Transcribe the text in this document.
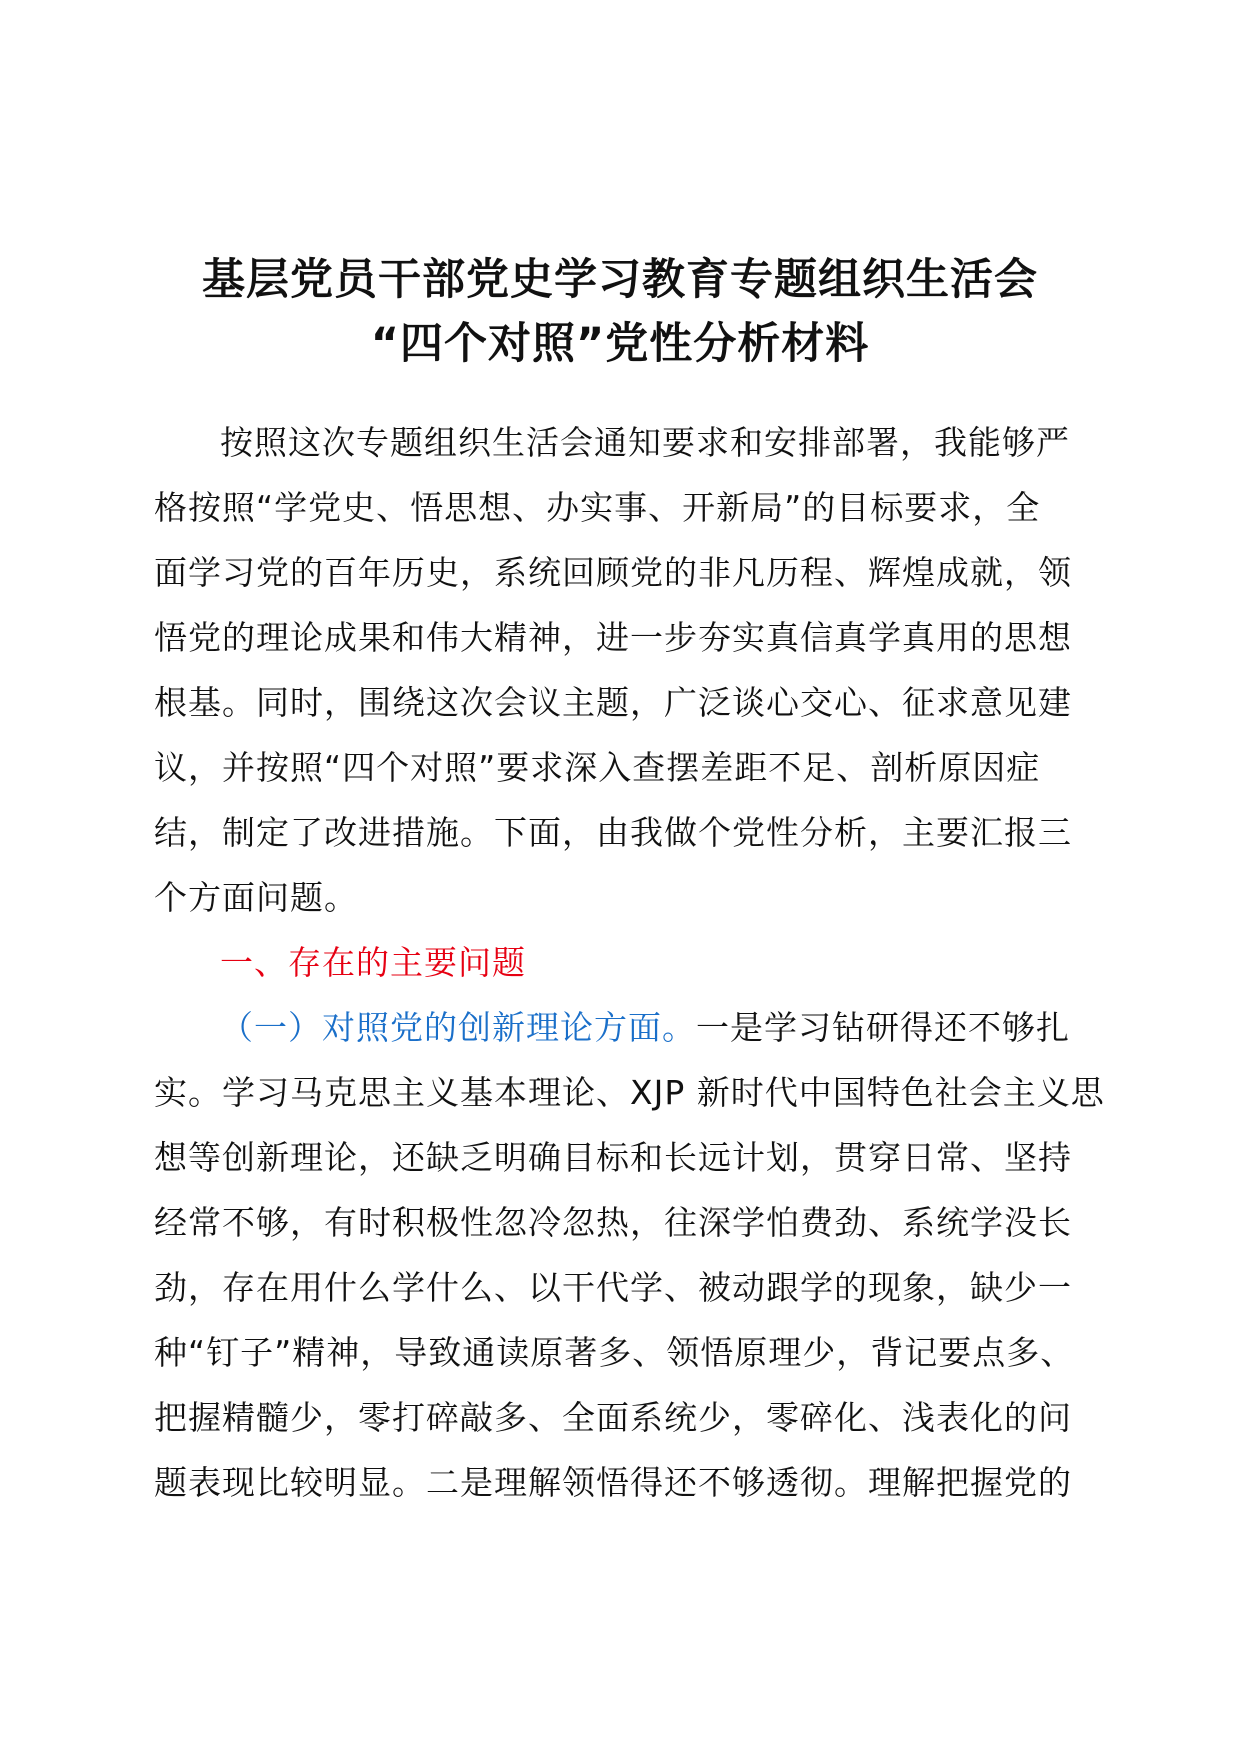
基层党员干部党史学习教育专题组织生活会
“四个对照”党性分析材料
按照这次专题组织生活会通知要求和安排部署，我能够严
格按照“学党史、悟思想、办实事、开新局”的目标要求，全
面学习党的百年历史，系统回顾党的非凡历程、辉煌成就，领
悟党的理论成果和伟大精神，进一步夯实真信真学真用的思想
根基。同时，围绕这次会议主题，广泛谈心交心、征求意见建
议，并按照“四个对照”要求深入查摆差距不足、剖析原因症
结，制定了改进措施。下面，由我做个党性分析，主要汇报三
个方面问题。
一、存在的主要问题
（一）对照党的创新理论方面。一是学习钻研得还不够扎
实。学习马克思主义基本理论、XJP 新时代中国特色社会主义思
想等创新理论，还缺乏明确目标和长远计划，贯穿日常、坚持
经常不够，有时积极性忽冷忽热，往深学怕费劲、系统学没长
劲，存在用什么学什么、以干代学、被动跟学的现象，缺少一
种“钉子”精神，导致通读原著多、领悟原理少，背记要点多、
把握精髓少，零打碎敲多、全面系统少，零碎化、浅表化的问
题表现比较明显。二是理解领悟得还不够透彻。理解把握党的
